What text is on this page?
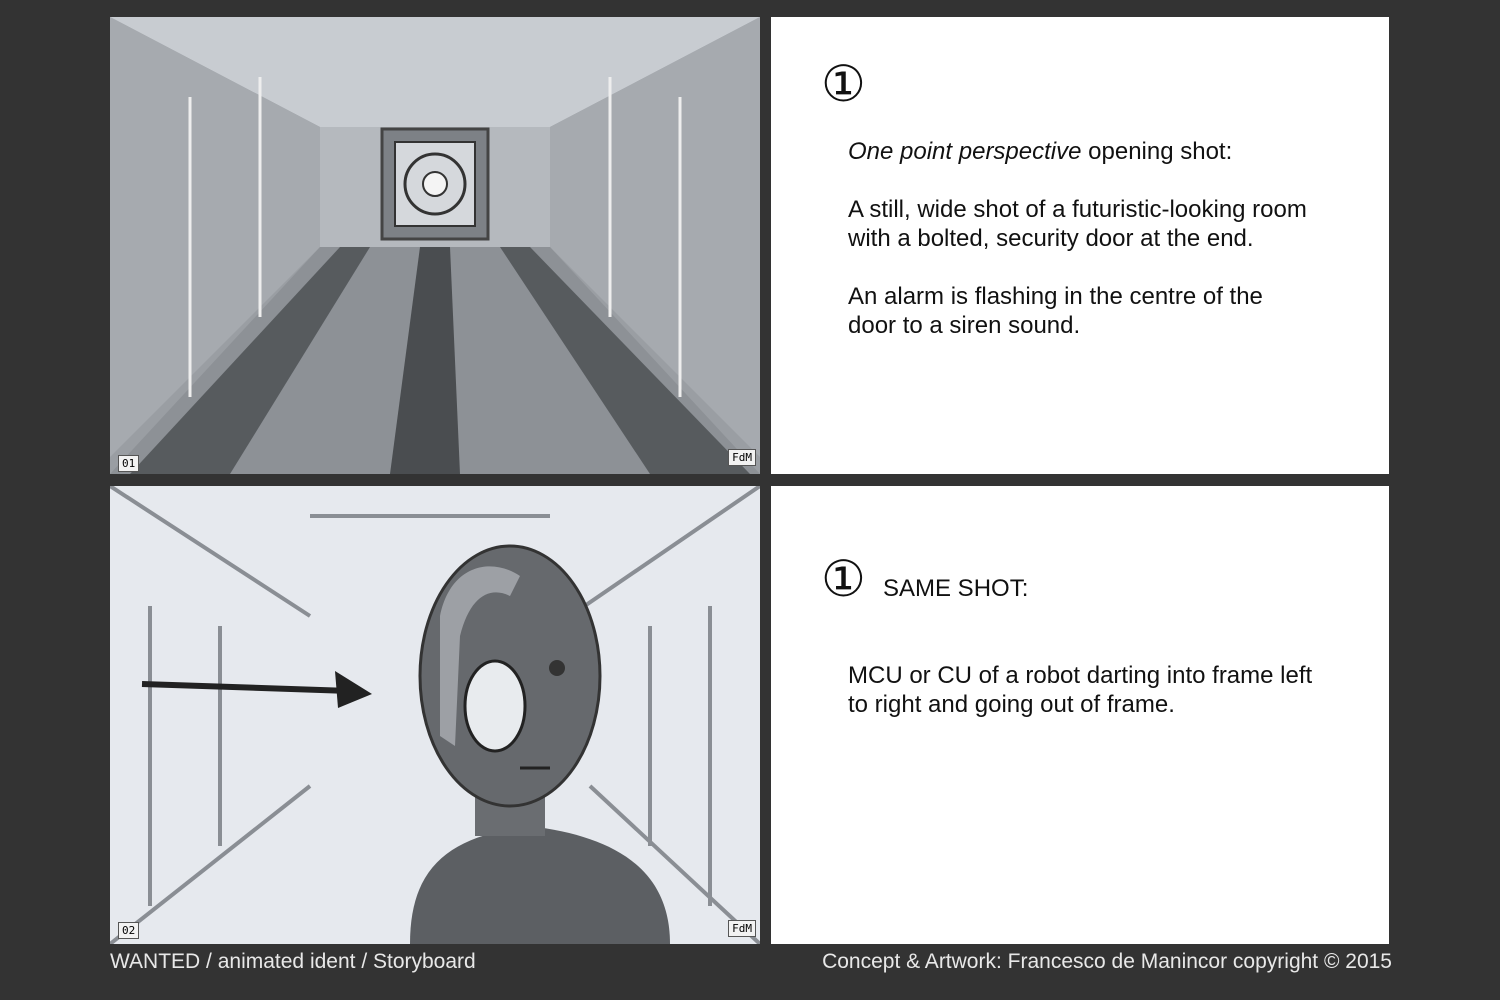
01	FdM
①

One point perspective opening shot:

A still, wide shot of a futuristic-looking room with a bolted, security door at the end.

An alarm is flashing in the centre of the door to a siren sound.

02	FdM
① SAME SHOT:

MCU or CU of a robot darting into frame left to right and going out of frame.

WANTED / animated ident / Storyboard	Concept & Artwork: Francesco de Manincor copyright © 2015
